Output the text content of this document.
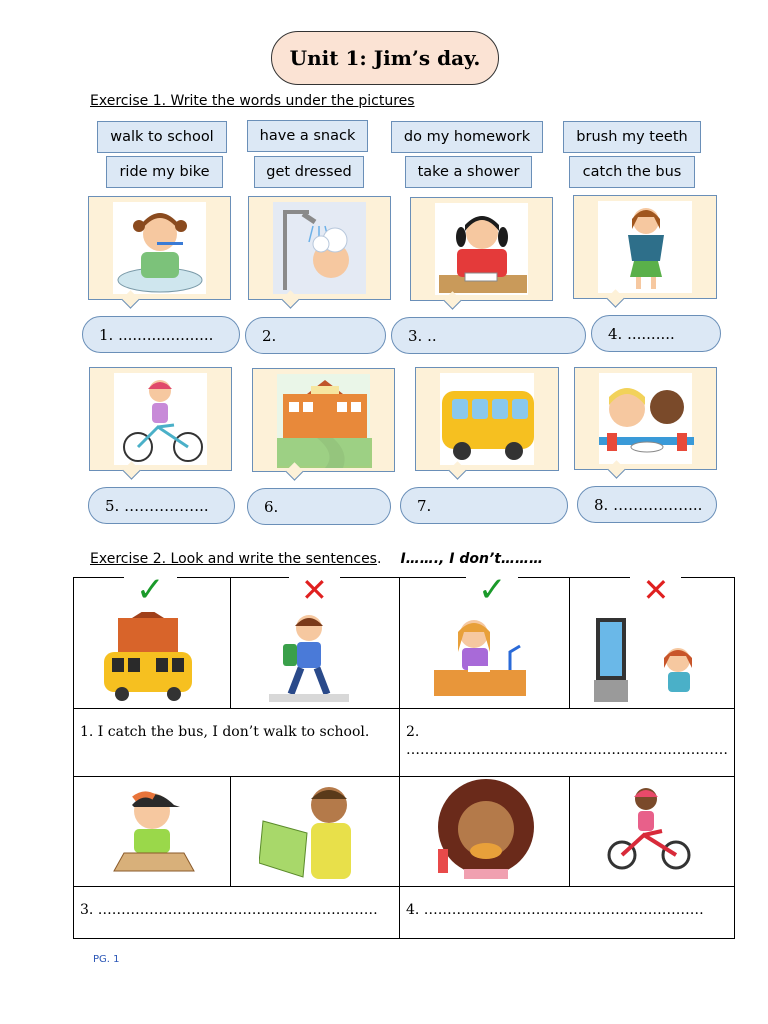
Unit 1: Jim’s day.
Exercise 1. Write the words under the pictures
walk to school	have a snack	do my homework	brush my teeth
ride my bike	get dressed	take a shower	catch the bus
1. ....................	2.	3. ..	4. ..........
5. ……………..	6.	7.	8. ……………...
Exercise 2. Look and write the sentences. I……., I don’t………
✓	✕	✓	✕

1. I catch the bus, I don’t walk to school.		2. ……………………………………………………………	

3. ……………………………………………………		4. ……………………………………………………	
PG. 1
